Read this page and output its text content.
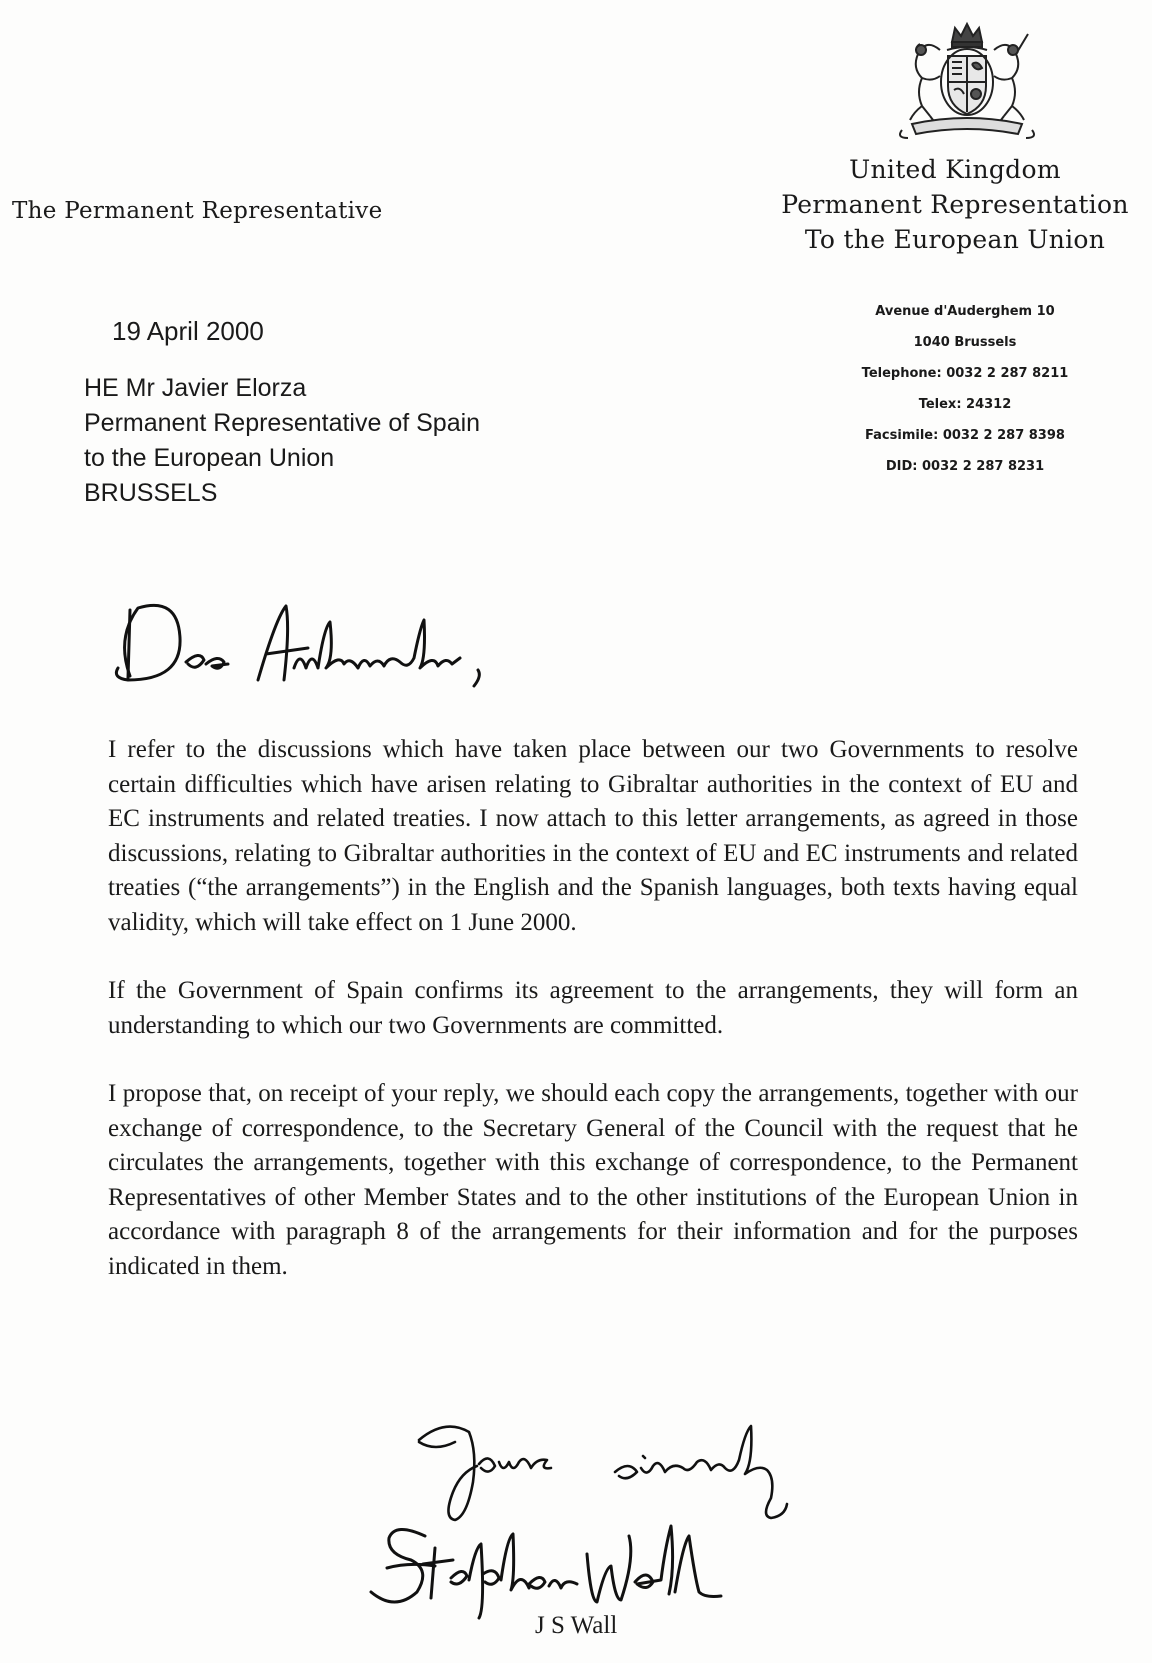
United Kingdom
Permanent Representation
To the European Union
Avenue d'Auderghem 10
1040 Brussels
Telephone: 0032 2 287 8211
Telex: 24312
Facsimile: 0032 2 287 8398
DID: 0032 2 287 8231
The Permanent Representative
19 April 2000
HE Mr Javier Elorza
Permanent Representative of Spain
to the European Union
BRUSSELS

I refer to the discussions which have taken place between our two Governments to resolve certain difficulties which have arisen relating to Gibraltar authorities in the context of EU and EC instruments and related treaties. I now attach to this letter arrangements, as agreed in those discussions, relating to Gibraltar authorities in the context of EU and EC instruments and related treaties (“the arrangements”) in the English and the Spanish languages, both texts having equal validity, which will take effect on 1 June 2000.

If the Government of Spain confirms its agreement to the arrangements, they will form an understanding to which our two Governments are committed.

I propose that, on receipt of your reply, we should each copy the arrangements, together with our exchange of correspondence, to the Secretary General of the Council with the request that he circulates the arrangements, together with this exchange of correspondence, to the Permanent Representatives of other Member States and to the other institutions of the European Union in accordance with paragraph 8 of the arrangements for their information and for the purposes indicated in them.

J S Wall
